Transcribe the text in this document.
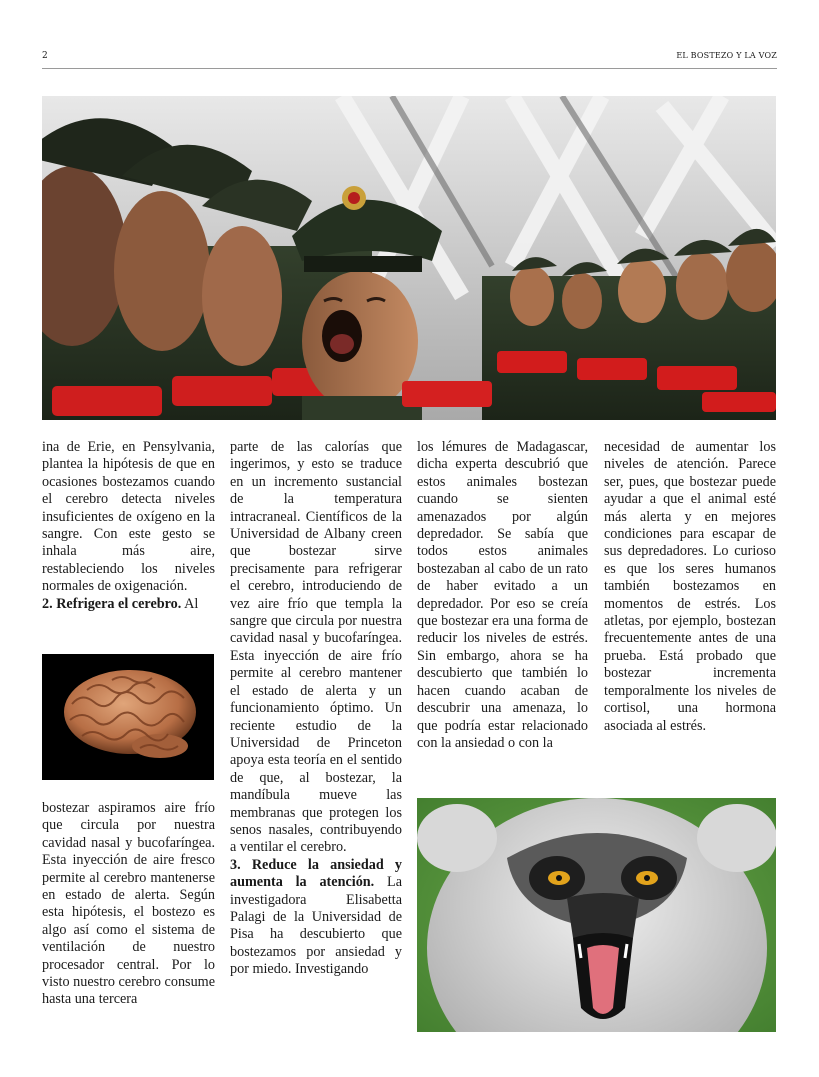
2	EL BOSTEZO Y LA VOZ

ina de Erie, en Pensylvania, plantea la hipótesis de que en ocasiones bostezamos cuando el cerebro detecta niveles insuficientes de oxígeno en la sangre. Con este gesto se inhala más aire, restableciendo los niveles normales de oxigenación.

2. Refrigera el cerebro. Al

bostezar aspiramos aire frío que circula por nuestra cavidad nasal y bucofaríngea. Esta inyección de aire fresco permite al cerebro mantenerse en estado de alerta. Según esta hipótesis, el bostezo es algo así como el sistema de ventilación de nuestro procesador central. Por lo visto nuestro cerebro consume hasta una tercera

parte de las calorías que ingerimos, y esto se traduce en un incremento sustancial de la temperatura intracraneal. Científicos de la Universidad de Albany creen que bostezar sirve precisamente para refrigerar el cerebro, introduciendo de vez aire frío que templa la sangre que circula por nuestra cavidad nasal y bucofaríngea. Esta inyección de aire frío permite al cerebro mantener el estado de alerta y un funcionamiento óptimo. Un reciente estudio de la Universidad de Princeton apoya esta teoría en el sentido de que, al bostezar, la mandíbula mueve las membranas que protegen los senos nasales, contribuyendo a ventilar el cerebro.

3. Reduce la ansiedad y aumenta la atención. La investigadora Elisabetta Palagi de la Universidad de Pisa ha descubierto que bostezamos por ansiedad y por miedo. Investigando

los lémures de Madagascar, dicha experta descubrió que estos animales bostezan cuando se sienten amenazados por algún depredador. Se sabía que todos estos animales bostezaban al cabo de un rato de haber evitado a un depredador. Por eso se creía que bostezar era una forma de reducir los niveles de estrés. Sin embargo, ahora se ha descubierto que también lo hacen cuando acaban de descubrir una amenaza, lo que podría estar relacionado con la ansiedad o con la

necesidad de aumentar los niveles de atención. Parece ser, pues, que bostezar puede ayudar a que el animal esté más alerta y en mejores condiciones para escapar de sus depredadores. Lo curioso es que los seres humanos también bostezamos en momentos de estrés. Los atletas, por ejemplo, bostezan frecuentemente antes de una prueba. Está probado que bostezar incrementa temporalmente los niveles de cortisol, una hormona asociada al estrés.
